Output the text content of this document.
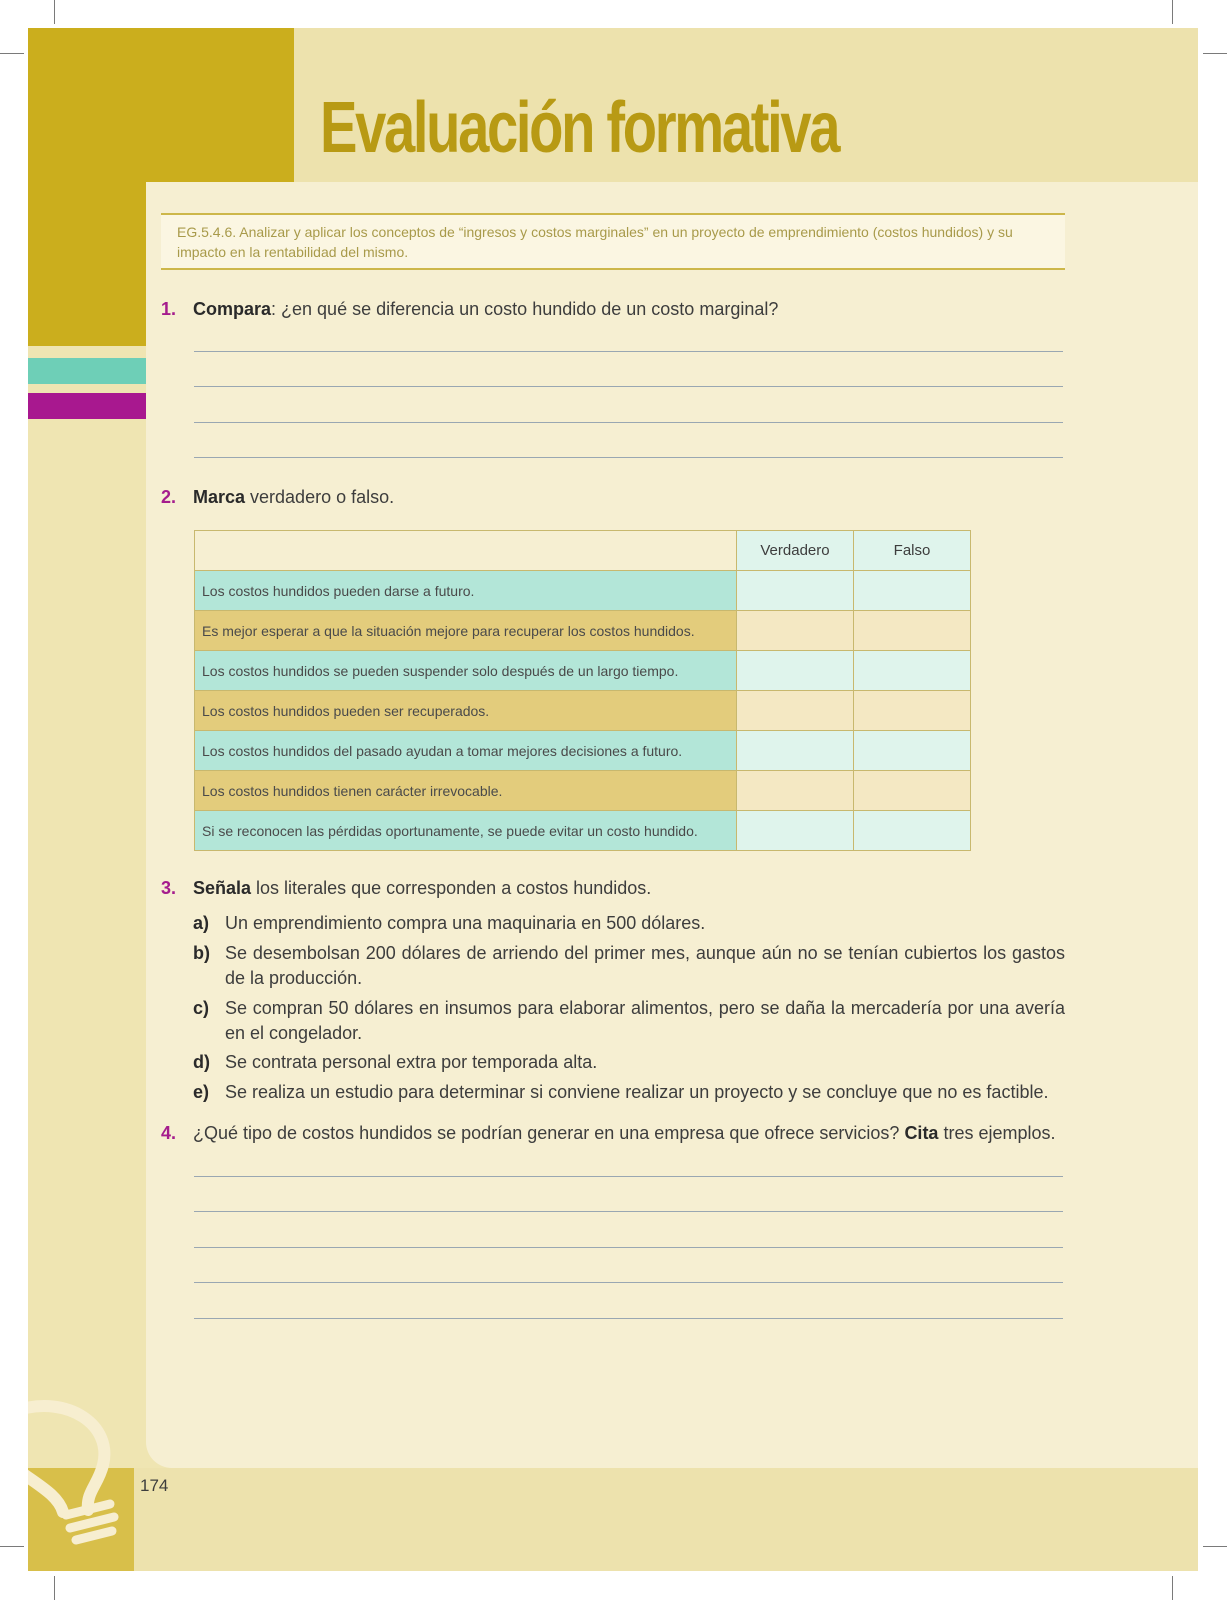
Evaluación formativa
EG.5.4.6. Analizar y aplicar los conceptos de “ingresos y costos marginales” en un proyecto de emprendimiento (costos hundidos) y su impacto en la rentabilidad del mismo.
1. Compara: ¿en qué se diferencia un costo hundido de un costo marginal?
2. Marca verdadero o falso.
	Verdadero	Falso
Los costos hundidos pueden darse a futuro.		
Es mejor esperar a que la situación mejore para recuperar los costos hundidos.		
Los costos hundidos se pueden suspender solo después de un largo tiempo.		
Los costos hundidos pueden ser recuperados.		
Los costos hundidos del pasado ayudan a tomar mejores decisiones a futuro.		
Los costos hundidos tienen carácter irrevocable.		
Si se reconocen las pérdidas oportunamente, se puede evitar un costo hundido.		
3. Señala los literales que corresponden a costos hundidos.
a) Un emprendimiento compra una maquinaria en 500 dólares.
b) Se desembolsan 200 dólares de arriendo del primer mes, aunque aún no se tenían cubiertos los gastos de la producción.
c) Se compran 50 dólares en insumos para elaborar alimentos, pero se daña la mercadería por una avería en el congelador.
d) Se contrata personal extra por temporada alta.
e) Se realiza un estudio para determinar si conviene realizar un proyecto y se concluye que no es factible.
4. ¿Qué tipo de costos hundidos se podrían generar en una empresa que ofrece servicios? Cita tres ejemplos.
174
